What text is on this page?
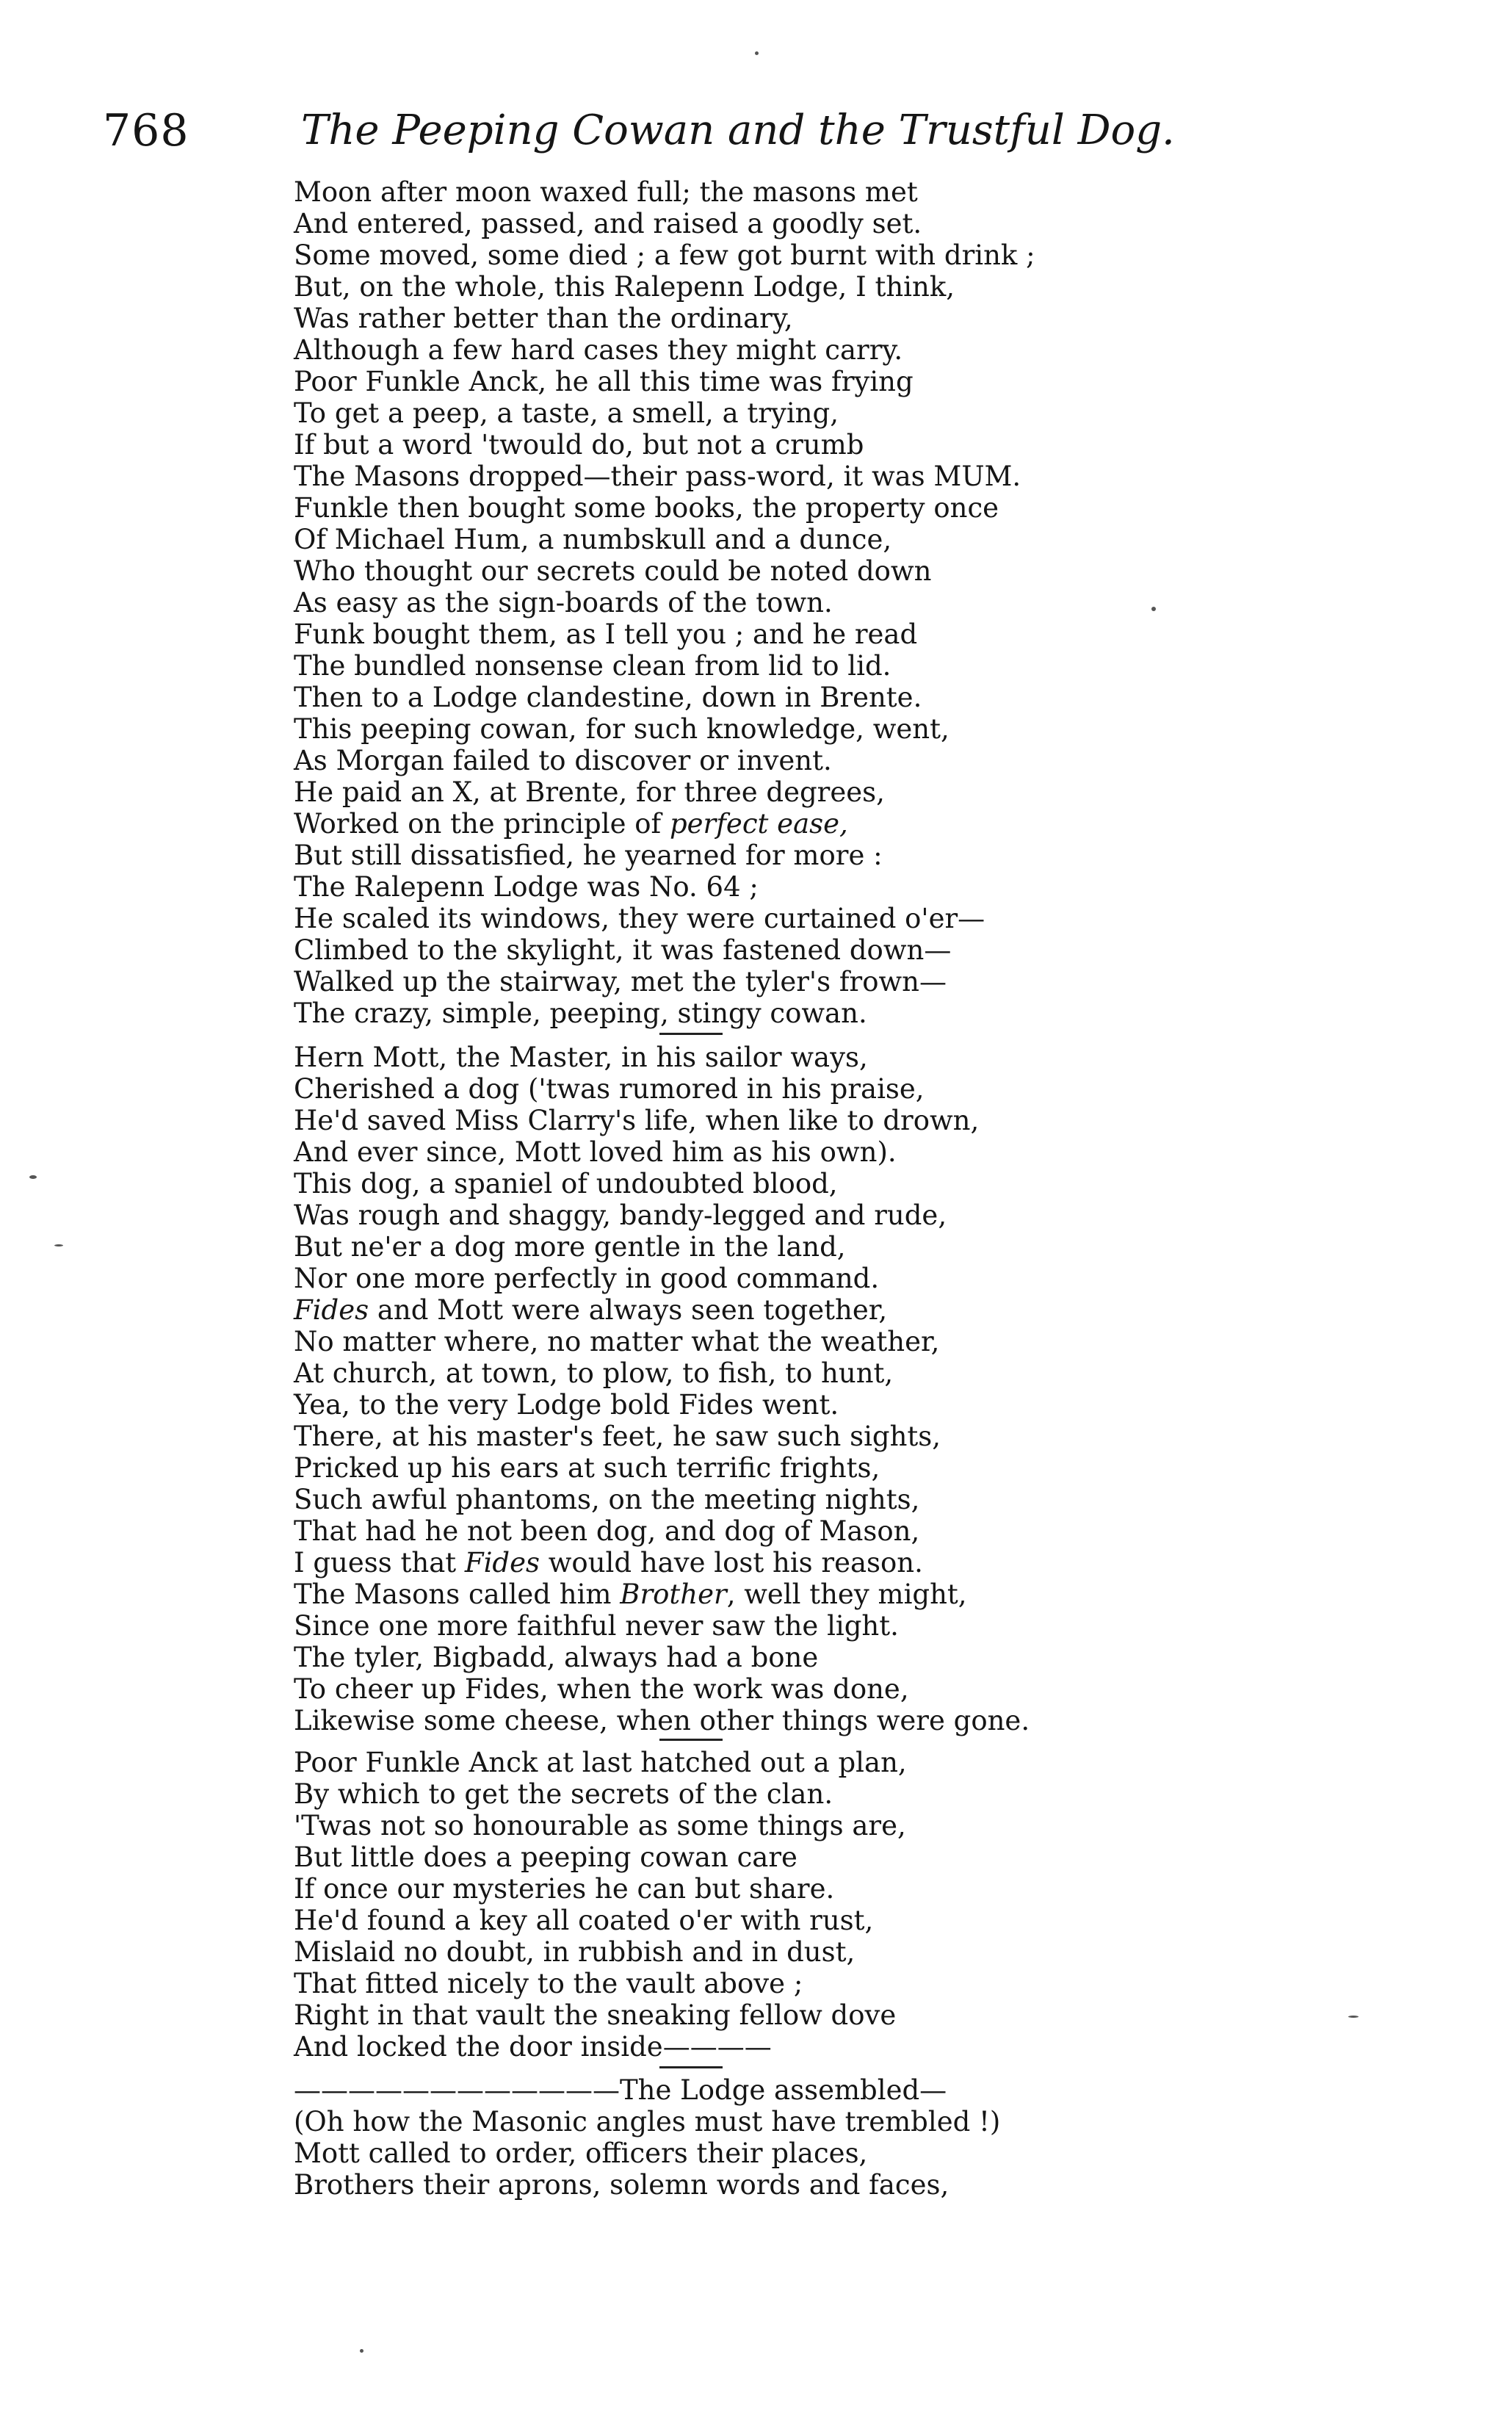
768	The Peeping Cowan and the Trustful Dog.
Moon after moon waxed full; the masons met
And entered, passed, and raised a goodly set.
Some moved, some died ; a few got burnt with drink ;
But, on the whole, this Ralepenn Lodge, I think,
Was rather better than the ordinary,
Although a few hard cases they might carry.
Poor Funkle Anck, he all this time was frying
To get a peep, a taste, a smell, a trying,
If but a word 'twould do, but not a crumb
The Masons dropped—their pass-word, it was MUM.
Funkle then bought some books, the property once
Of Michael Hum, a numbskull and a dunce,
Who thought our secrets could be noted down
As easy as the sign-boards of the town.
Funk bought them, as I tell you ; and he read
The bundled nonsense clean from lid to lid.
Then to a Lodge clandestine, down in Brente.
This peeping cowan, for such knowledge, went,
As Morgan failed to discover or invent.
He paid an X, at Brente, for three degrees,
Worked on the principle of perfect ease,
But still dissatisfied, he yearned for more :
The Ralepenn Lodge was No. 64 ;
He scaled its windows, they were curtained o'er—
Climbed to the skylight, it was fastened down—
Walked up the stairway, met the tyler's frown—
The crazy, simple, peeping, stingy cowan.
Hern Mott, the Master, in his sailor ways,
Cherished a dog ('twas rumored in his praise,
He'd saved Miss Clarry's life, when like to drown,
And ever since, Mott loved him as his own).
This dog, a spaniel of undoubted blood,
Was rough and shaggy, bandy-legged and rude,
But ne'er a dog more gentle in the land,
Nor one more perfectly in good command.
Fides and Mott were always seen together,
No matter where, no matter what the weather,
At church, at town, to plow, to fish, to hunt,
Yea, to the very Lodge bold Fides went.
There, at his master's feet, he saw such sights,
Pricked up his ears at such terrific frights,
Such awful phantoms, on the meeting nights,
That had he not been dog, and dog of Mason,
I guess that Fides would have lost his reason.
The Masons called him Brother, well they might,
Since one more faithful never saw the light.
The tyler, Bigbadd, always had a bone
To cheer up Fides, when the work was done,
Likewise some cheese, when other things were gone.
Poor Funkle Anck at last hatched out a plan,
By which to get the secrets of the clan.
'Twas not so honourable as some things are,
But little does a peeping cowan care
If once our mysteries he can but share.
He'd found a key all coated o'er with rust,
Mislaid no doubt, in rubbish and in dust,
That fitted nicely to the vault above ;
Right in that vault the sneaking fellow dove
And locked the door inside————
————————————The Lodge assembled—
(Oh how the Masonic angles must have trembled !)
Mott called to order, officers their places,
Brothers their aprons, solemn words and faces,
